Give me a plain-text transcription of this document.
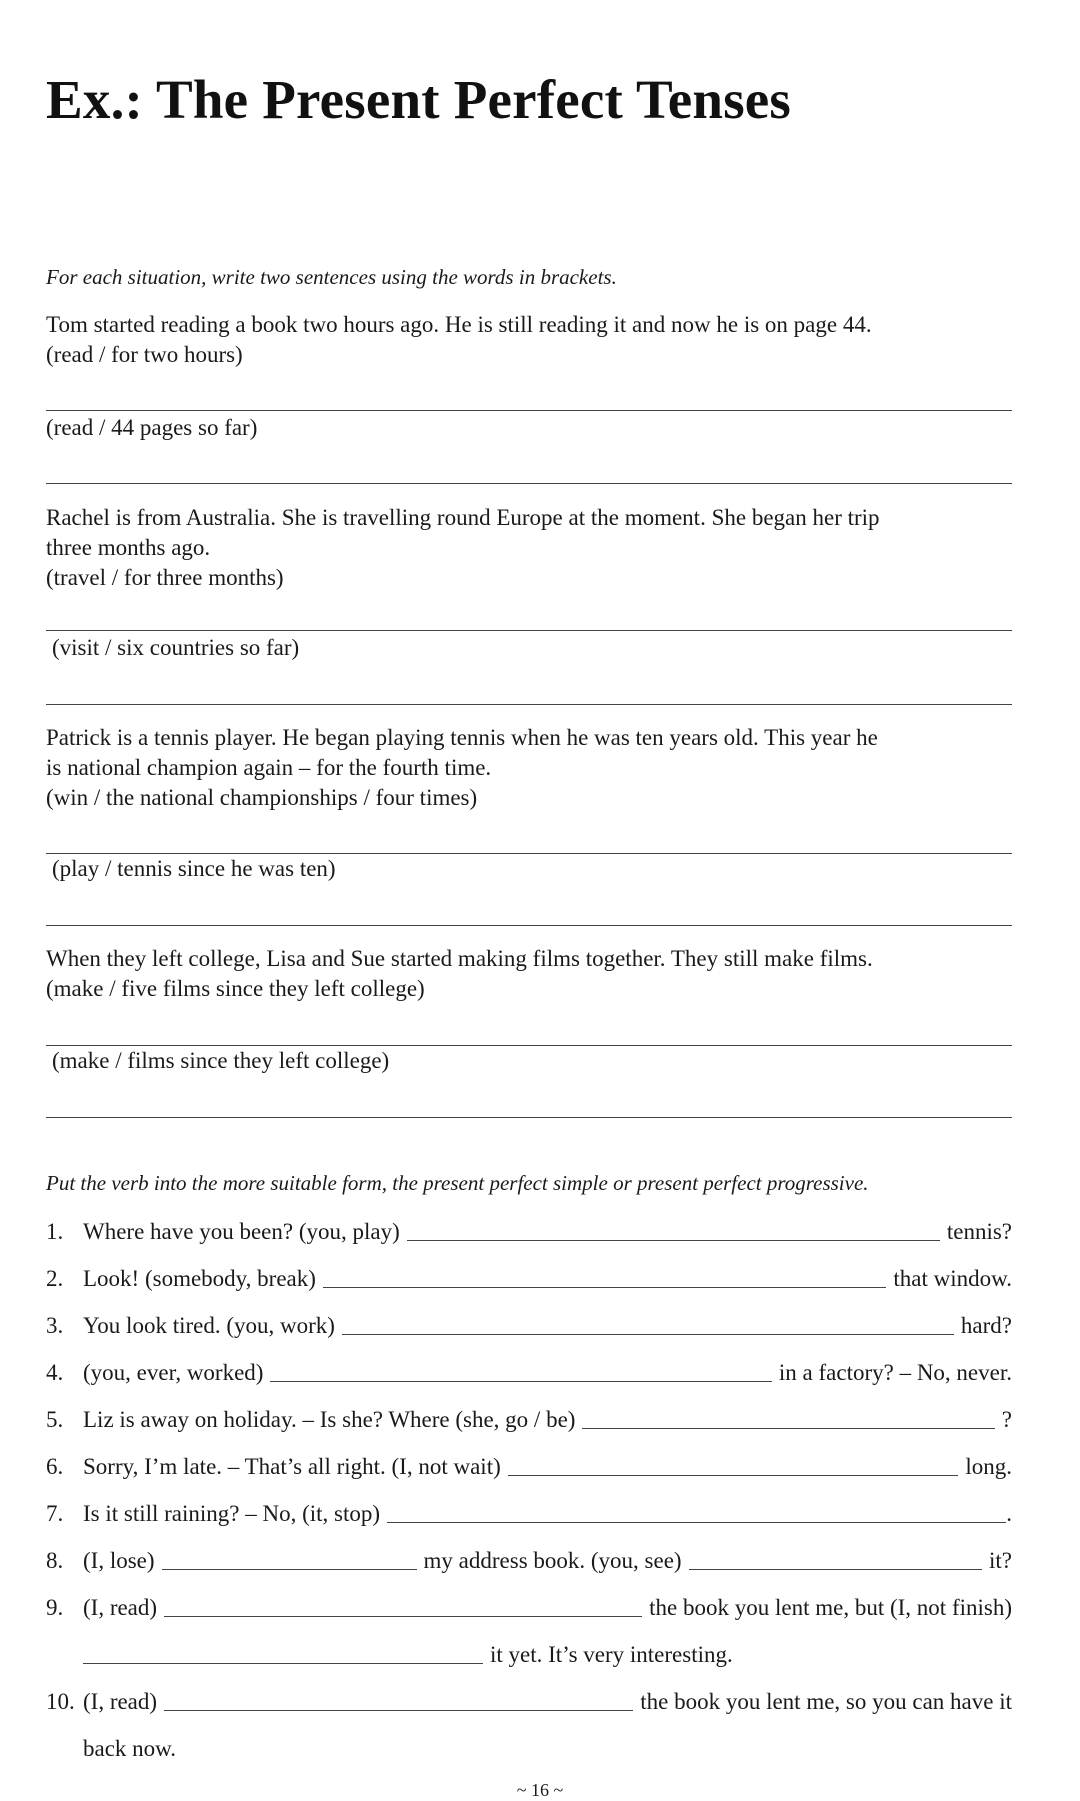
Ex.: The Present Perfect Tenses

For each situation, write two sentences using the words in brackets.

Tom started reading a book two hours ago. He is still reading it and now he is on page 44.

(read / for two hours)

(read / 44 pages so far)

Rachel is from Australia. She is travelling round Europe at the moment. She began her trip

three months ago.

(travel / for three months)

(visit / six countries so far)

Patrick is a tennis player. He began playing tennis when he was ten years old. This year he

is national champion again – for the fourth time.

(win / the national championships / four times)

(play / tennis since he was ten)

When they left college, Lisa and Sue started making films together. They still make films.

(make / five films since they left college)

(make / films since they left college)

Put the verb into the more suitable form, the present perfect simple or present perfect progressive.

1. Where have you been? (you, play)	tennis?
2. Look! (somebody, break)	that window.
3. You look tired. (you, work)	hard?
4. (you, ever, worked)	in a factory? – No, never.
5. Liz is away on holiday. – Is she? Where (she, go / be)	?
6. Sorry, I’m late. – That’s all right. (I, not wait)	long.
7. Is it still raining? – No, (it, stop)	.
8. (I, lose)	my address book. (you, see)	it?
9. (I, read)	the book you lent me, but (I, not finish)
it yet. It’s very interesting.
10. (I, read)	the book you lent me, so you can have it
back now.
~ 16 ~
